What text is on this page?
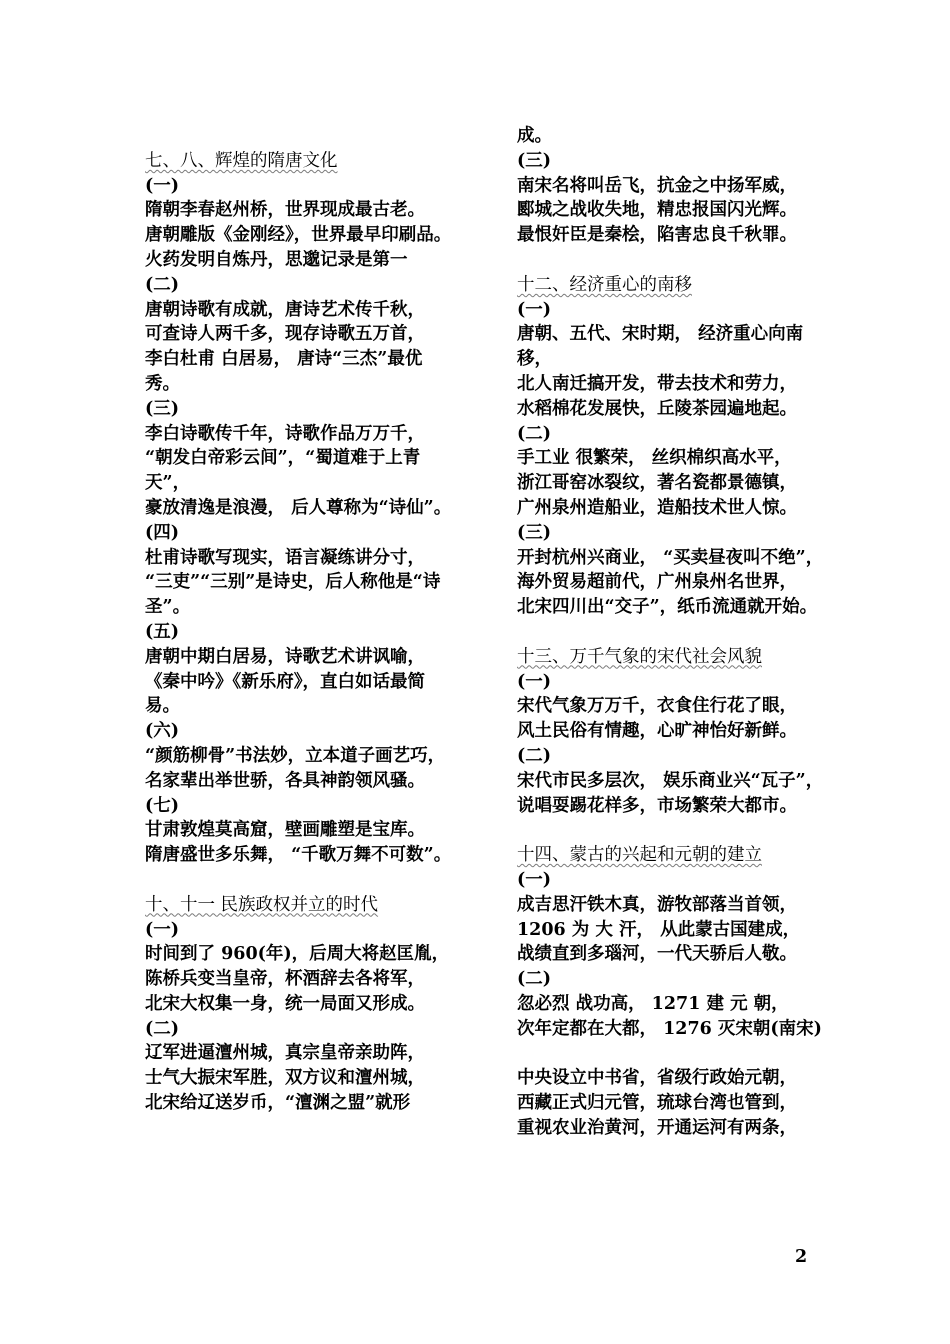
七、八、辉煌的隋唐文化
(一)
隋朝李春赵州桥，世界现成最古老。
唐朝雕版《金刚经》，世界最早印刷品。
火药发明自炼丹，思邈记录是第一
(二)
唐朝诗歌有成就，唐诗艺术传千秋，
可查诗人两千多，现存诗歌五万首，
李白杜甫 白居易， 唐诗“三杰”最优秀。
(三)
李白诗歌传千年，诗歌作品万万千，
“朝发白帝彩云间”，“蜀道难于上青天”，
豪放清逸是浪漫， 后人尊称为“诗仙”。
(四)
杜甫诗歌写现实，语言凝练讲分寸，
“三吏”“三别”是诗史，后人称他是“诗圣”。
(五)
唐朝中期白居易，诗歌艺术讲讽喻，
《秦中吟》《新乐府》，直白如话最简易。
(六)
“颜筋柳骨”书法妙，立本道子画艺巧，
名家辈出举世骄，各具神韵领风骚。
(七)
甘肃敦煌莫高窟，壁画雕塑是宝库。
隋唐盛世多乐舞， “千歌万舞不可数”。
十、十一 民族政权并立的时代
(一)
时间到了 960(年)，后周大将赵匡胤，
陈桥兵变当皇帝，杯酒辞去各将军，
北宋大权集一身，统一局面又形成。
(二)
辽军进逼澶州城，真宗皇帝亲助阵，
士气大振宋军胜，双方议和澶州城，
北宋给辽送岁币，“澶渊之盟”就形
成。
(三)
南宋名将叫岳飞，抗金之中扬军威，
郾城之战收失地，精忠报国闪光辉。
最恨奸臣是秦桧，陷害忠良千秋罪。
十二、经济重心的南移
(一)
唐朝、五代、宋时期， 经济重心向南移，
北人南迁搞开发，带去技术和劳力，
水稻棉花发展快，丘陵茶园遍地起。
(二)
手工业 很繁荣， 丝织棉织高水平，
浙江哥窑冰裂纹，著名瓷都景德镇，
广州泉州造船业，造船技术世人惊。
(三)
开封杭州兴商业， “买卖昼夜叫不绝”，
海外贸易超前代，广州泉州名世界，
北宋四川出“交子”，纸币流通就开始。
十三、万千气象的宋代社会风貌
(一)
宋代气象万万千，衣食住行花了眼，
风土民俗有情趣，心旷神怡好新鲜。
(二)
宋代市民多层次， 娱乐商业兴“瓦子”，
说唱耍踢花样多，市场繁荣大都市。
十四、蒙古的兴起和元朝的建立
(一)
成吉思汗铁木真，游牧部落当首领，
1206 为 大 汗， 从此蒙古国建成，
战绩直到多瑙河，一代天骄后人敬。
(二)
忽必烈 战功高， 1271 建 元 朝，
次年定都在大都， 1276 灭宋朝(南宋)
中央设立中书省，省级行政始元朝，
西藏正式归元管，琉球台湾也管到，
重视农业治黄河，开通运河有两条，
2
